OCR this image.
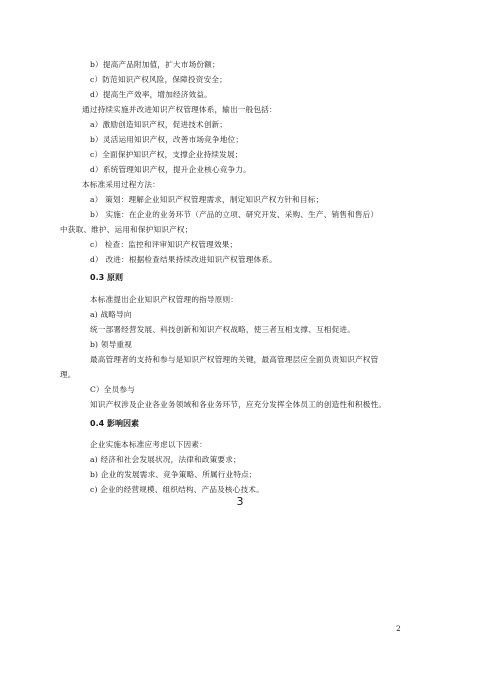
b）提高产品附加值，扩大市场份额；
c）防范知识产权风险，保障投资安全；
d）提高生产效率，增加经济效益。
通过持续实施并改进知识产权管理体系，输出一般包括：
a）激励创造知识产权，促进技术创新；
b）灵活运用知识产权，改善市场竞争地位；
c）全面保护知识产权，支撑企业持续发展；
d）系统管理知识产权，提升企业核心竞争力。
本标准采用过程方法：
a） 策划：理解企业知识产权管理需求，制定知识产权方针和目标；
b） 实施：在企业的业务环节（产品的立项、研究开发、采购、生产、销售和售后）
中获取、维护、运用和保护知识产权；
c） 检查：监控和评审知识产权管理效果；
d） 改进：根据检查结果持续改进知识产权管理体系。
0.3 原则
本标准提出企业知识产权管理的指导原则：
a) 战略导向
统一部署经营发展、科技创新和知识产权战略，使三者互相支撑、互相促进。
b) 领导重视
最高管理者的支持和参与是知识产权管理的关键，最高管理层应全面负责知识产权管
理。
C）全员参与
知识产权涉及企业各业务领域和各业务环节，应充分发挥全体员工的创造性和积极性。
0.4 影响因素
企业实施本标准应考虑以下因素：
a) 经济和社会发展状况，法律和政策要求；
b) 企业的发展需求、竞争策略、所属行业特点；
c) 企业的经营规模、组织结构、产品及核心技术。
3
2
